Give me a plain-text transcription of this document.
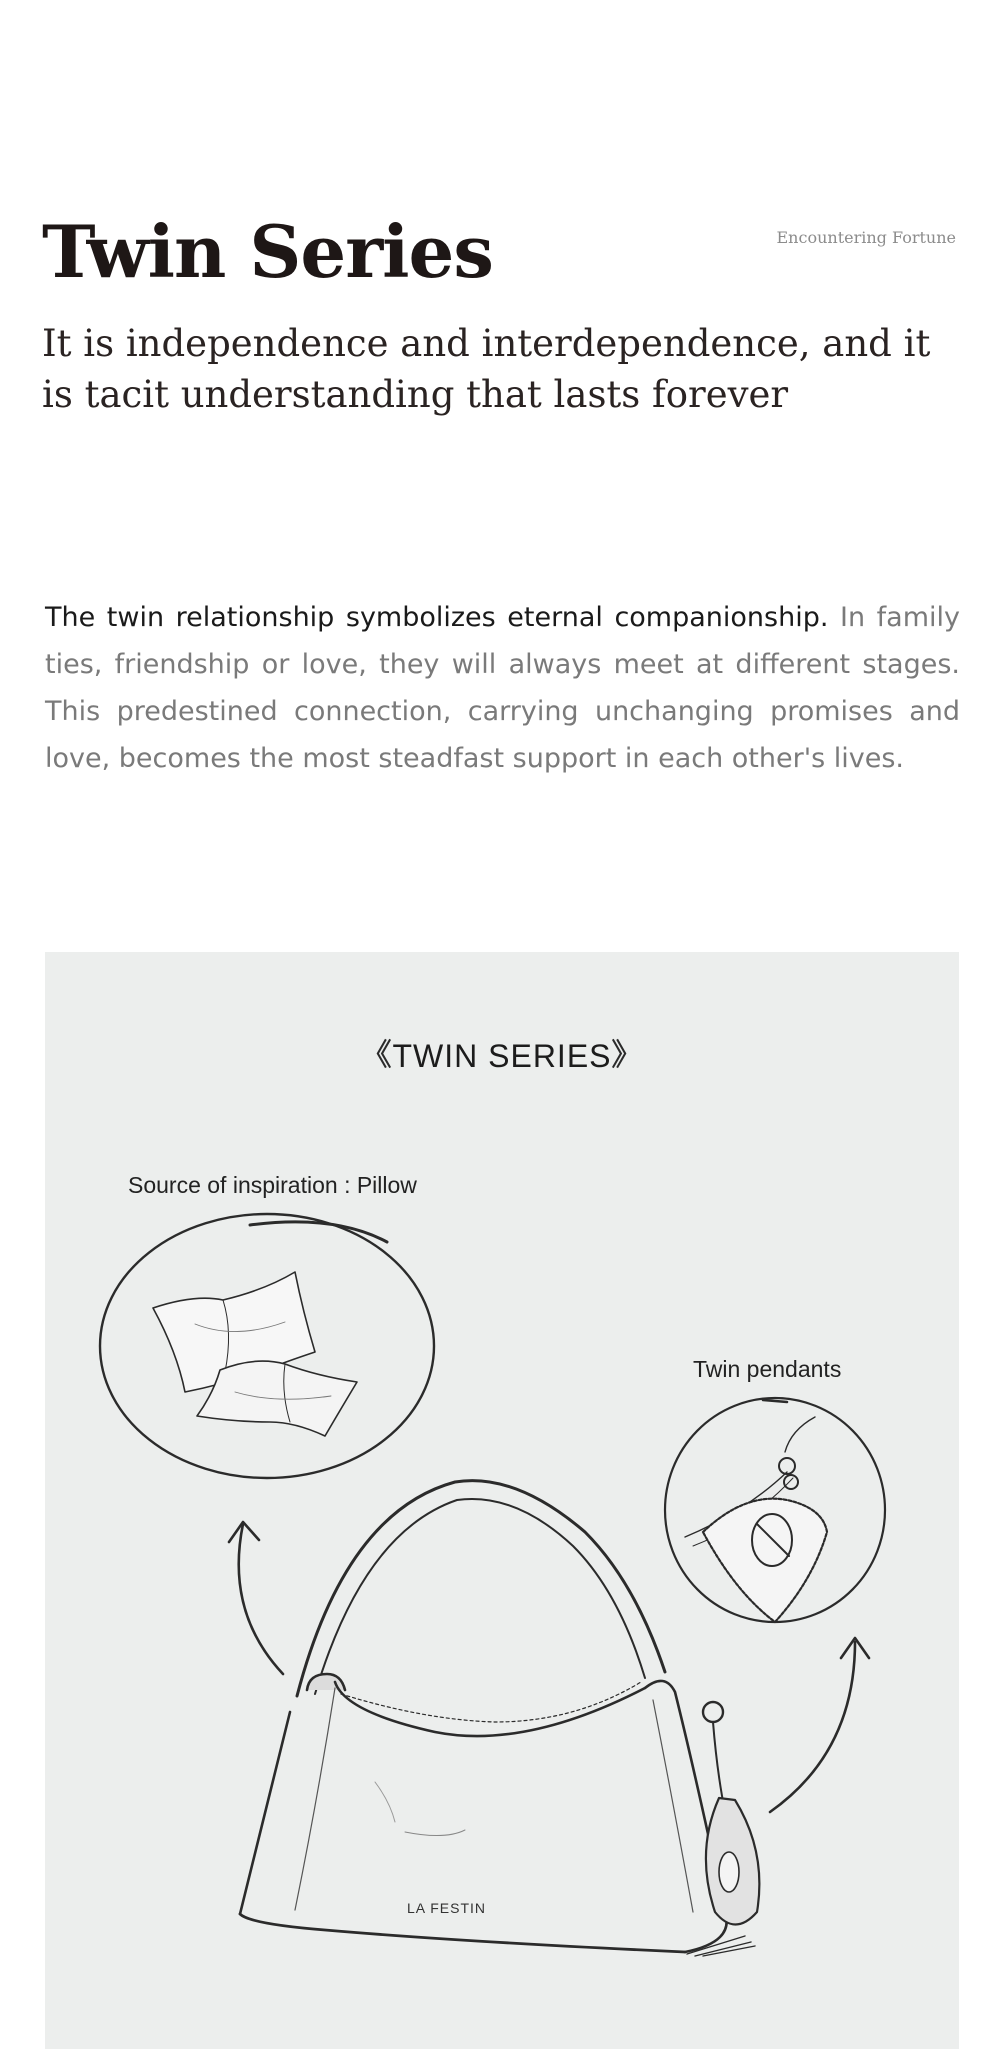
Twin Series	Encountering Fortune
It is independence and interdependence, and it is tacit understanding that lasts forever

The twin relationship symbolizes eternal companionship. In family ties, friendship or love, they will always meet at different stages. This predestined connection, carrying unchanging promises and love, becomes the most steadfast support in each other's lives.

《TWIN SERIES》
Source of inspiration : Pillow
Twin pendants
LA FESTIN
